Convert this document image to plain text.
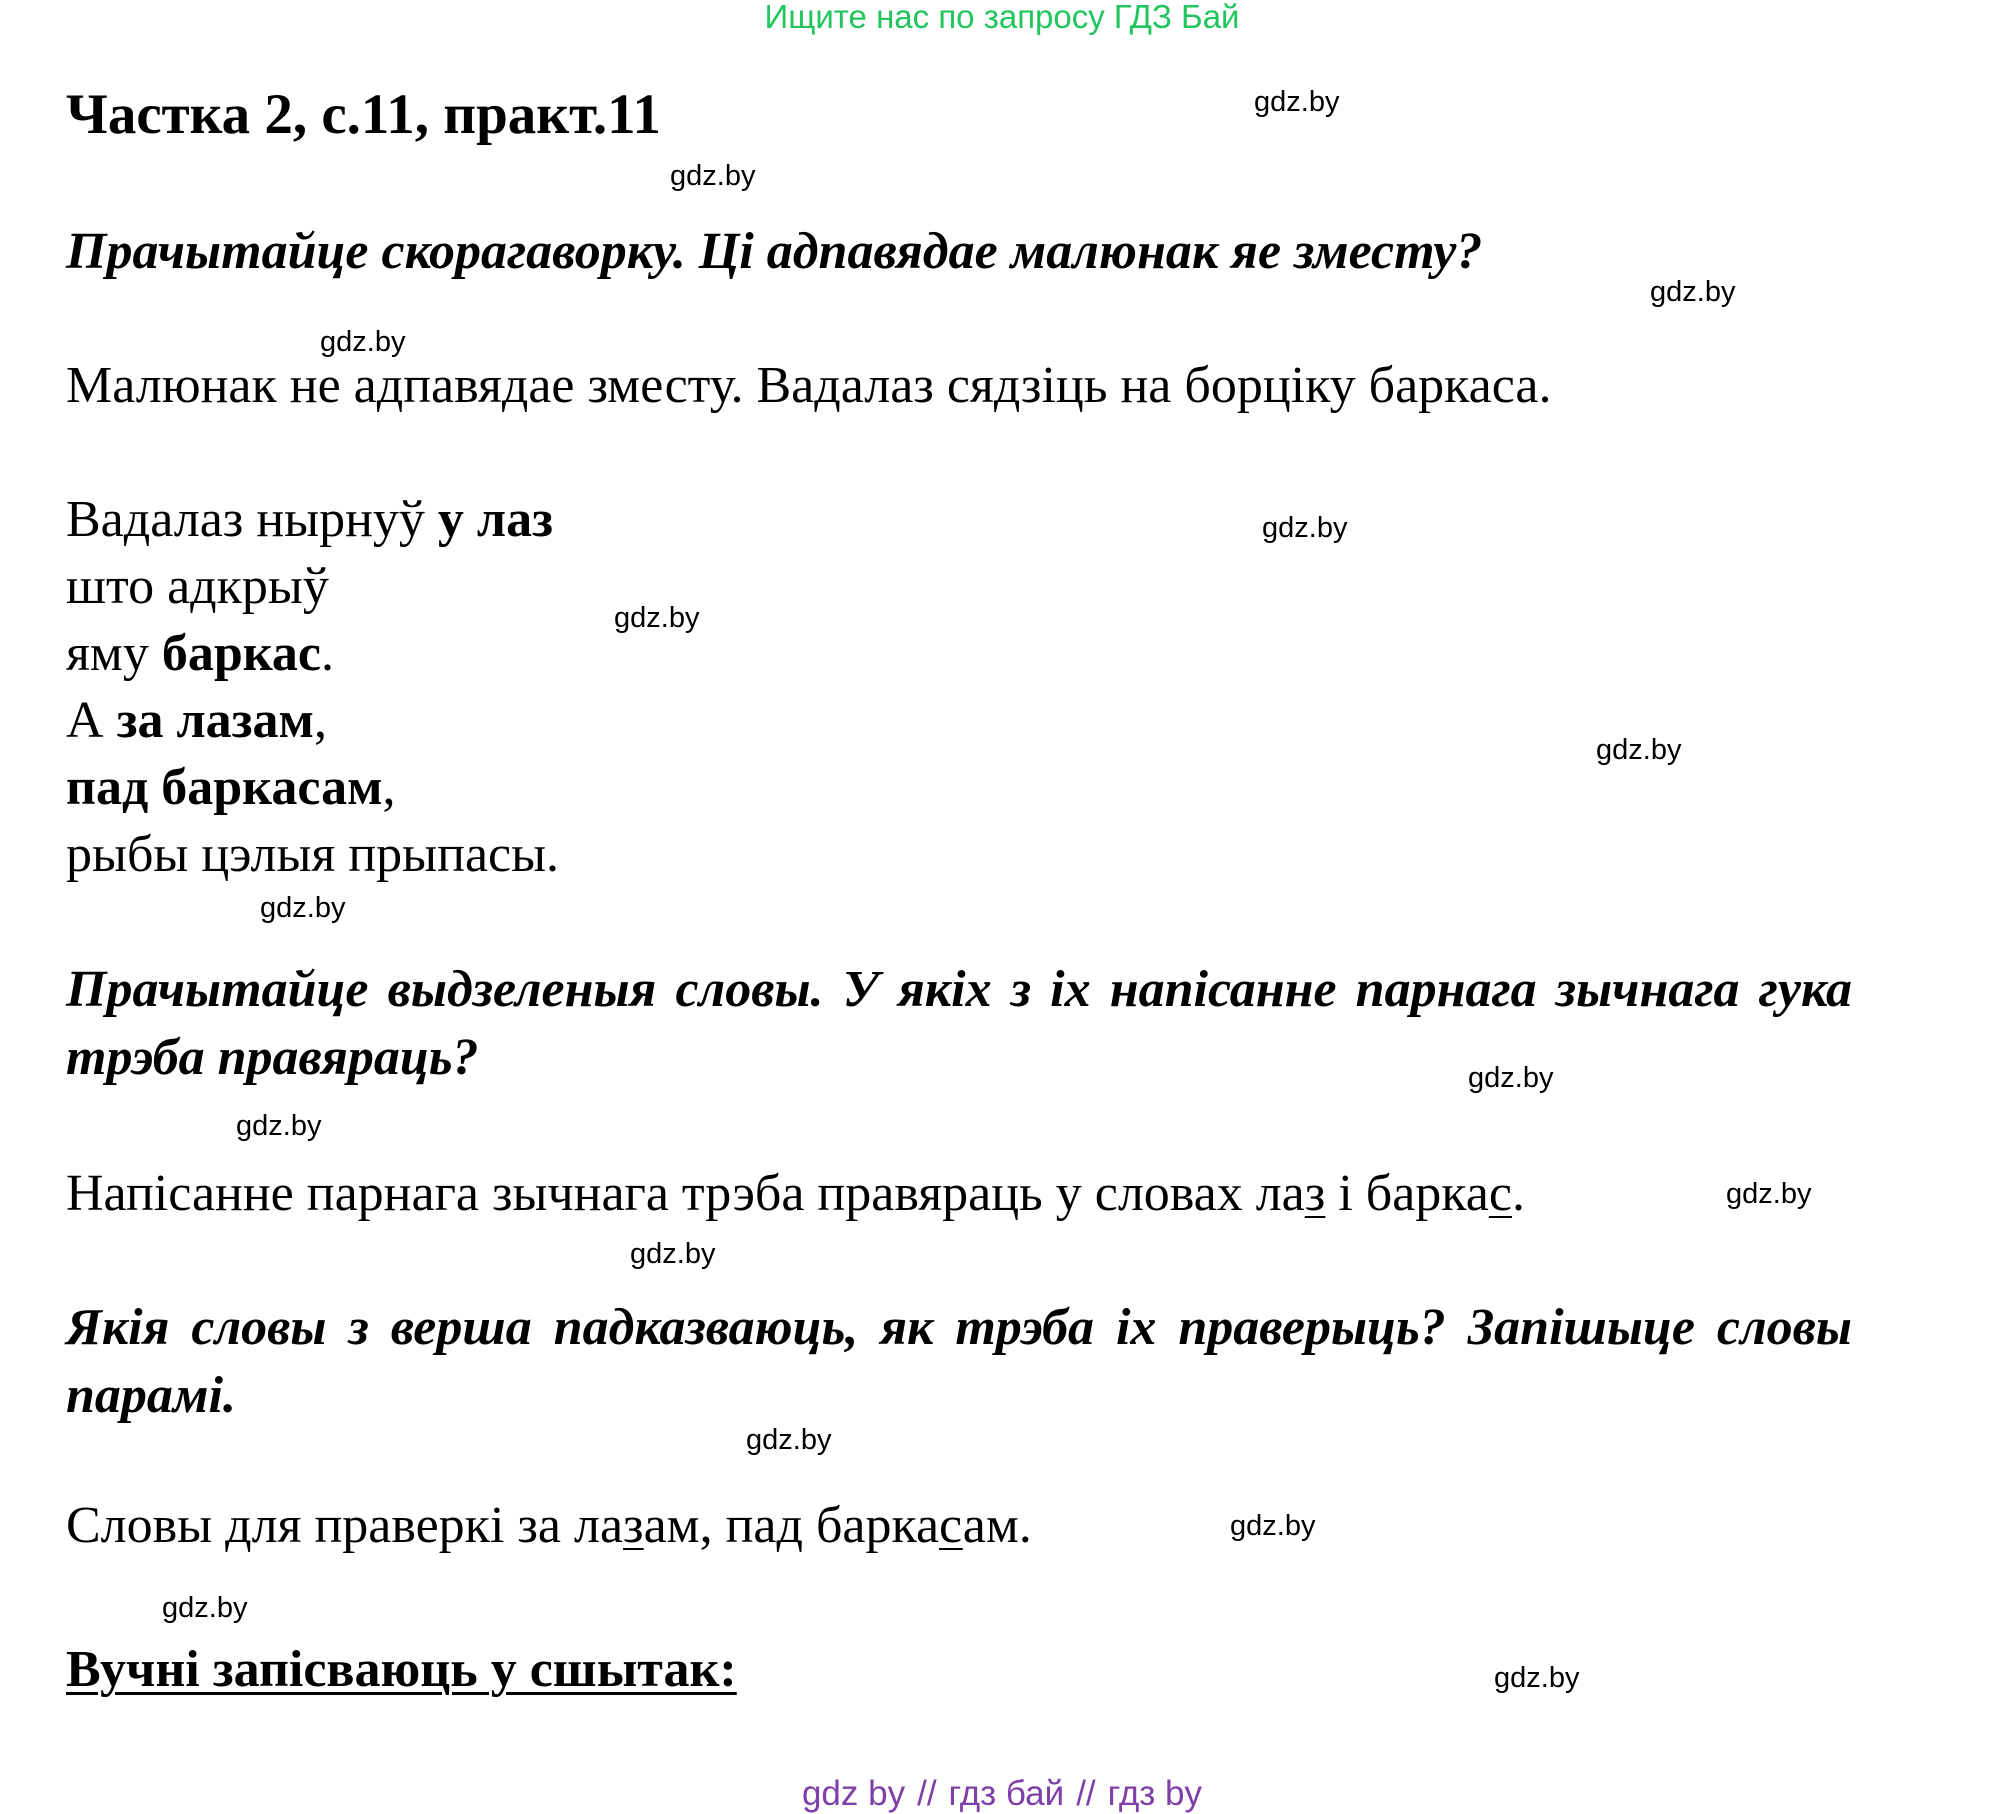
Ищите нас по запросу ГДЗ Бай
Частка 2, с.11, практ.11
Прачытайце скорагаворку. Ці адпавядае малюнак яе зместу?
Малюнак не адпавядае зместу. Вадалаз сядзіць на борціку баркаса.
Вадалаз нырнуў у лаз
што адкрыў
яму баркас.
А за лазам,
пад баркасам,
рыбы цэлыя прыпасы.
Прачытайце выдзеленыя словы. У якіх з іх напісанне парнага зычнага гука трэба правяраць?
Напісанне парнага зычнага трэба правяраць у словах лаз і баркас.
Якія словы з верша падказваюць, як трэба іх праверыць? Запішыце словы парамі.
Словы для праверкі за лазам, пад баркасам.
Вучні запісваюць у сшытак:
gdz.by
gdz.by
gdz.by
gdz.by
gdz.by
gdz.by
gdz.by
gdz.by
gdz.by
gdz.by
gdz.by
gdz.by
gdz.by
gdz.by
gdz.by
gdz.by
gdz by // гдз бай // гдз by
